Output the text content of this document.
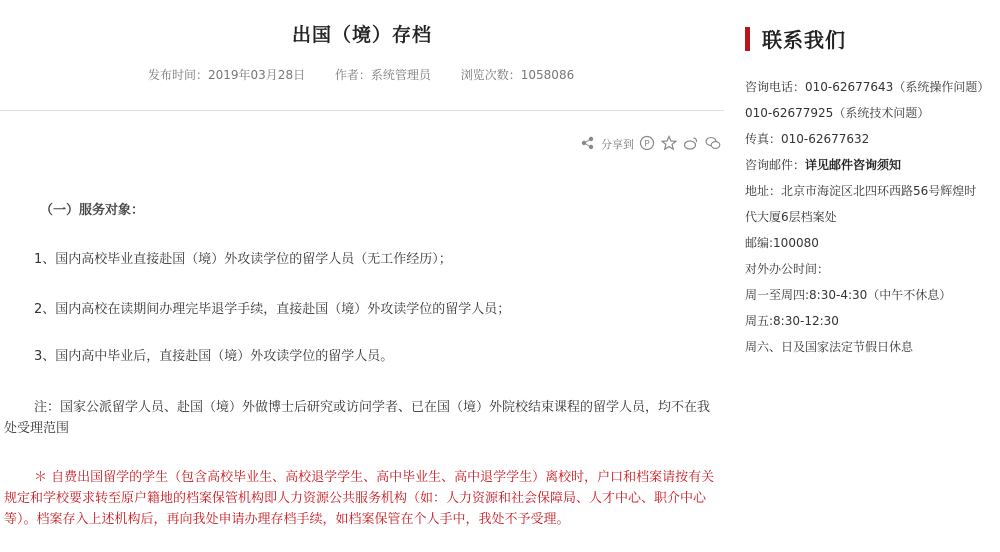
出国（境）存档
发布时间：2019年03月28日 作者：系统管理员 浏览次数：1058086
分享到 P
（一）服务对象：
1、国内高校毕业直接赴国（境）外攻读学位的留学人员（无工作经历）；
2、国内高校在读期间办理完毕退学手续，直接赴国（境）外攻读学位的留学人员；
3、国内高中毕业后，直接赴国（境）外攻读学位的留学人员。
注：国家公派留学人员、赴国（境）外做博士后研究或访问学者、已在国（境）外院校结束课程的留学人员，均不在我处受理范围
＊ 自费出国留学的学生（包含高校毕业生、高校退学学生、高中毕业生、高中退学学生）离校时，户口和档案请按有关规定和学校要求转至原户籍地的档案保管机构即人力资源公共服务机构（如：人力资源和社会保障局、人才中心、职介中心等）。档案存入上述机构后，再向我处申请办理存档手续，如档案保管在个人手中，我处不予受理。
联系我们
咨询电话：010-62677643（系统操作问题）
010-62677925（系统技术问题）
传真：010-62677632
咨询邮件：详见邮件咨询须知
地址：北京市海淀区北四环西路56号辉煌时
代大厦6层档案处
邮编:100080
对外办公时间：
周一至周四:8:30-4:30（中午不休息）
周五:8:30-12:30
周六、日及国家法定节假日休息
